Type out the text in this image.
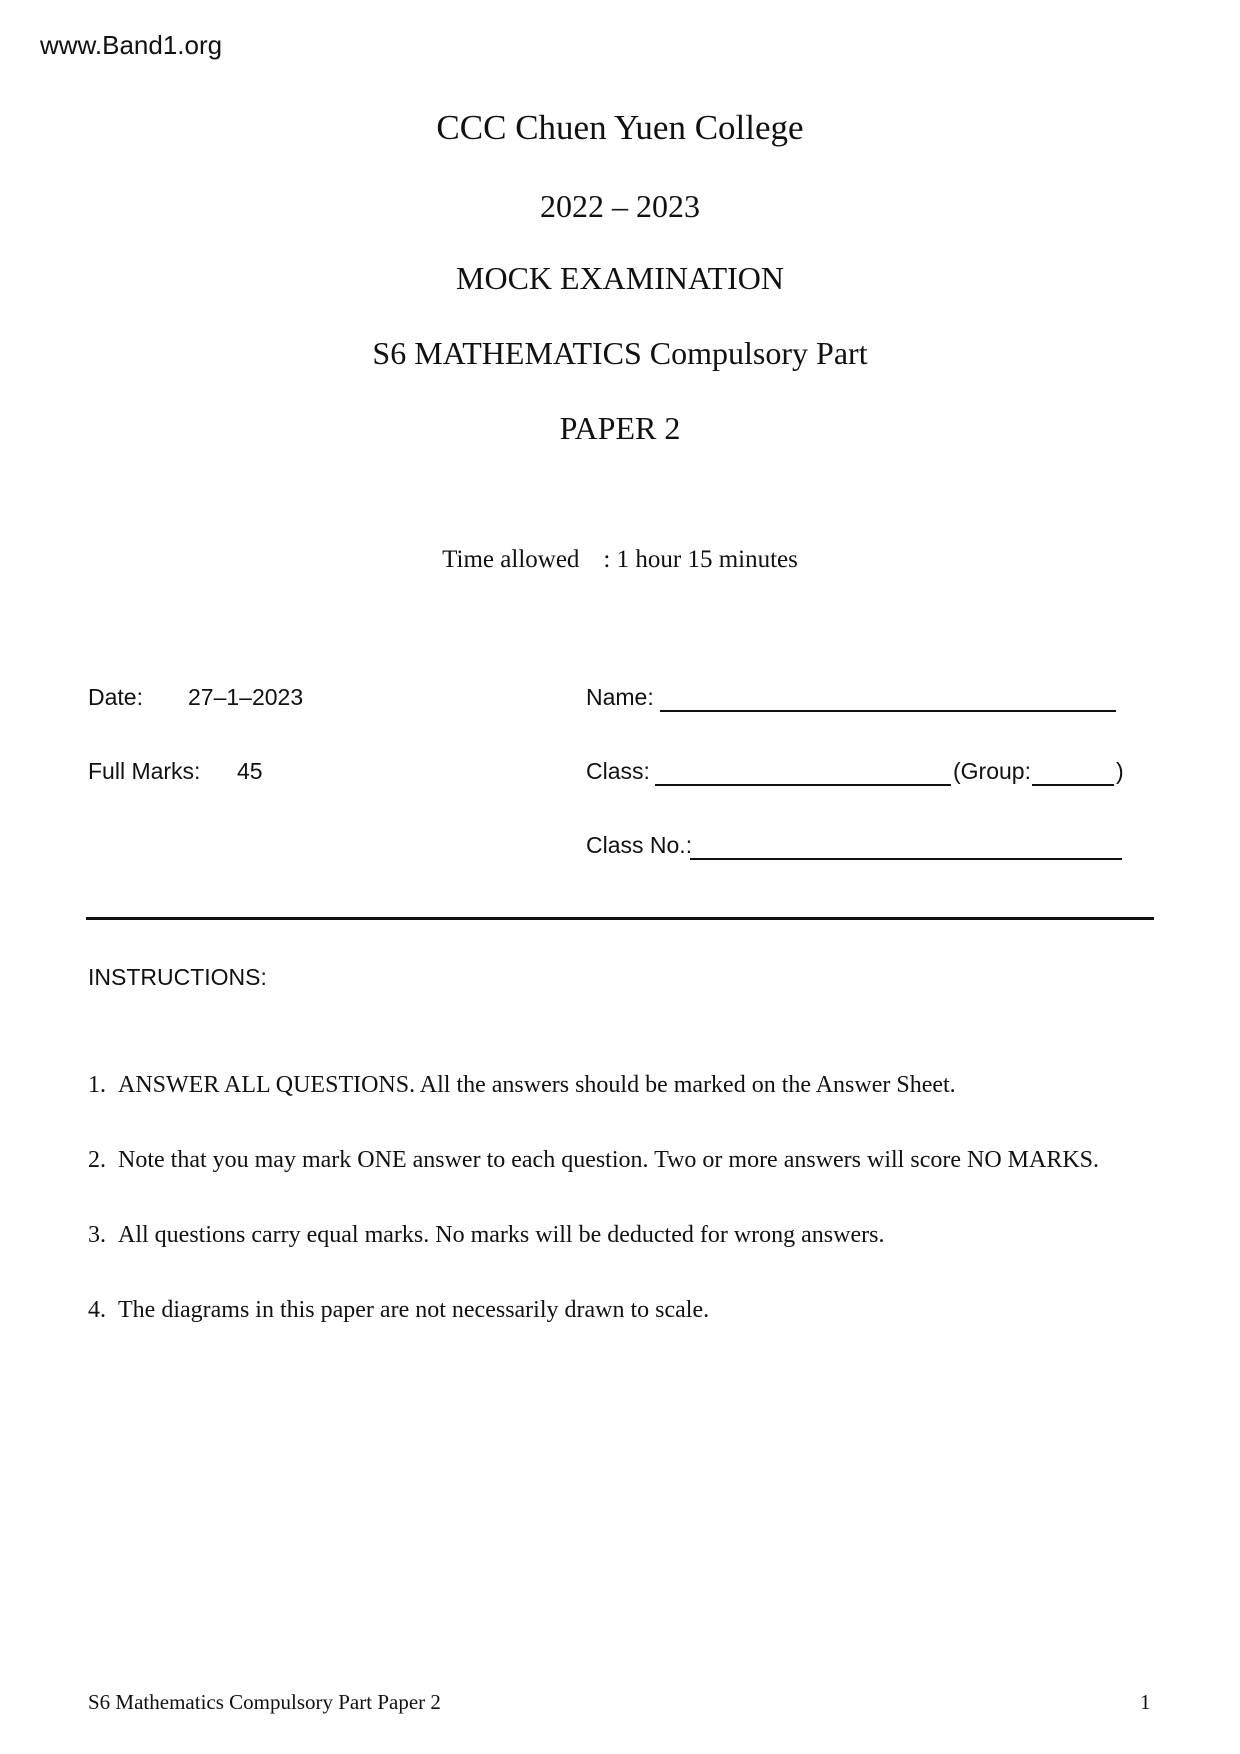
www.Band1.org
CCC Chuen Yuen College
2022 – 2023
MOCK EXAMINATION
S6 MATHEMATICS Compulsory Part
PAPER 2
Time allowed : 1 hour 15 minutes
Date: 27–1–2023
Full Marks: 45
Name:
Class:	(Group:	)
Class No.:
INSTRUCTIONS:
1. ANSWER ALL QUESTIONS. All the answers should be marked on the Answer Sheet.
2. Note that you may mark ONE answer to each question. Two or more answers will score NO MARKS.
3. All questions carry equal marks. No marks will be deducted for wrong answers.
4. The diagrams in this paper are not necessarily drawn to scale.
S6 Mathematics Compulsory Part Paper 2	1
